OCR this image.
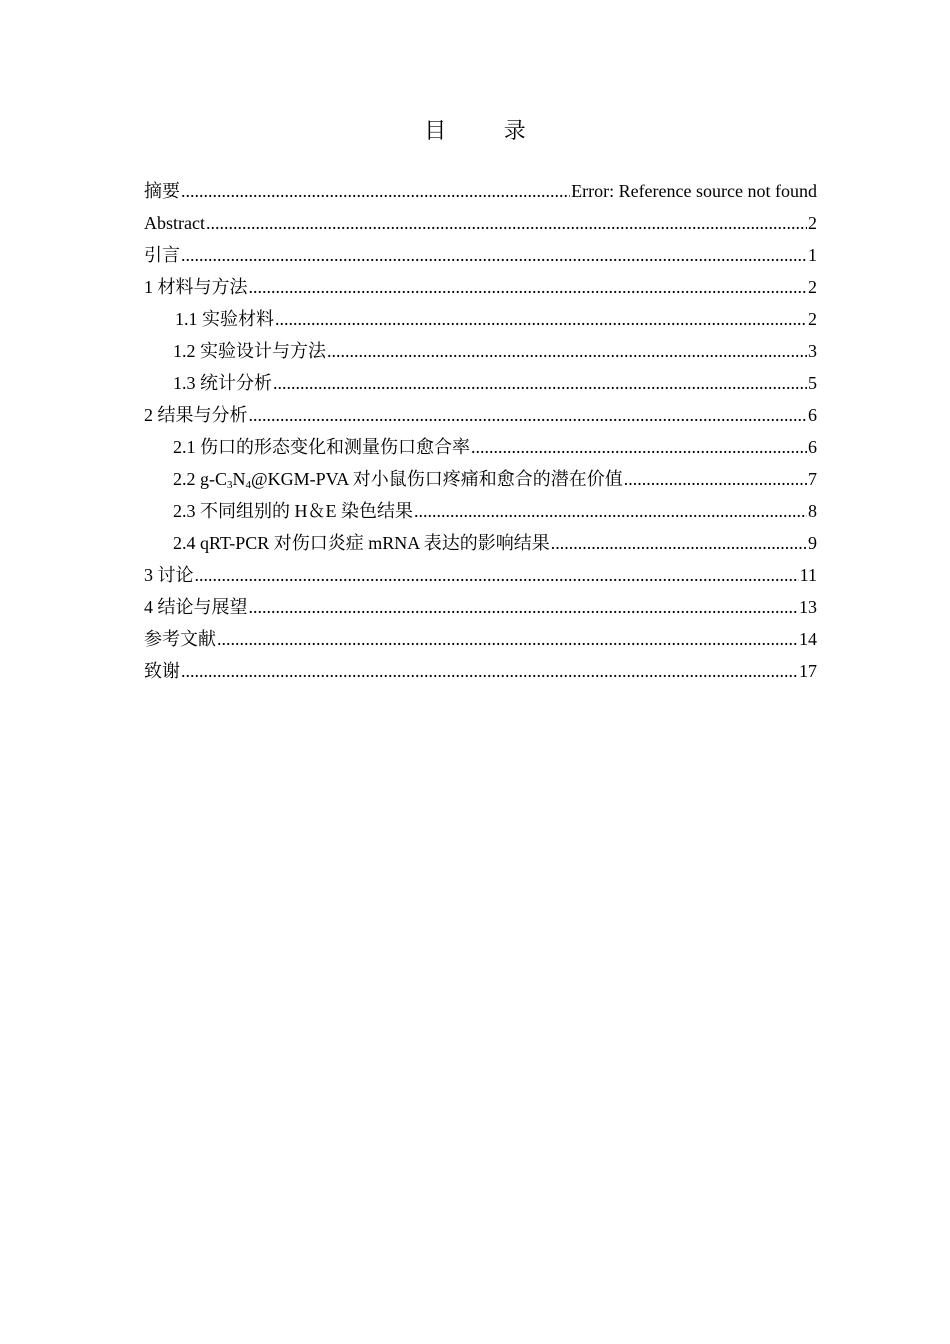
目 录
摘要 .....	Error: Reference source not found
Abstract .....	2
引言 .....	1
1 材料与方法 .....	2
1.1 实验材料 .....	2
1.2 实验设计与方法 .....	3
1.3 统计分析 .....	5
2 结果与分析 .....	6
2.1 伤口的形态变化和测量伤口愈合率 .....	6
2.2 $g-C_3N_4@KGM$-PVA 对小鼠伤口疼痛和愈合的潜在价值 .....	7
2.3 不同组别的 H＆E 染色结果 .....	8
2.4 qRT-PCR 对伤口炎症 mRNA 表达的影响结果 .....	9
3 讨论 .....	11
4 结论与展望 .....	13
参考文献 .....	14
致谢 .....	17
